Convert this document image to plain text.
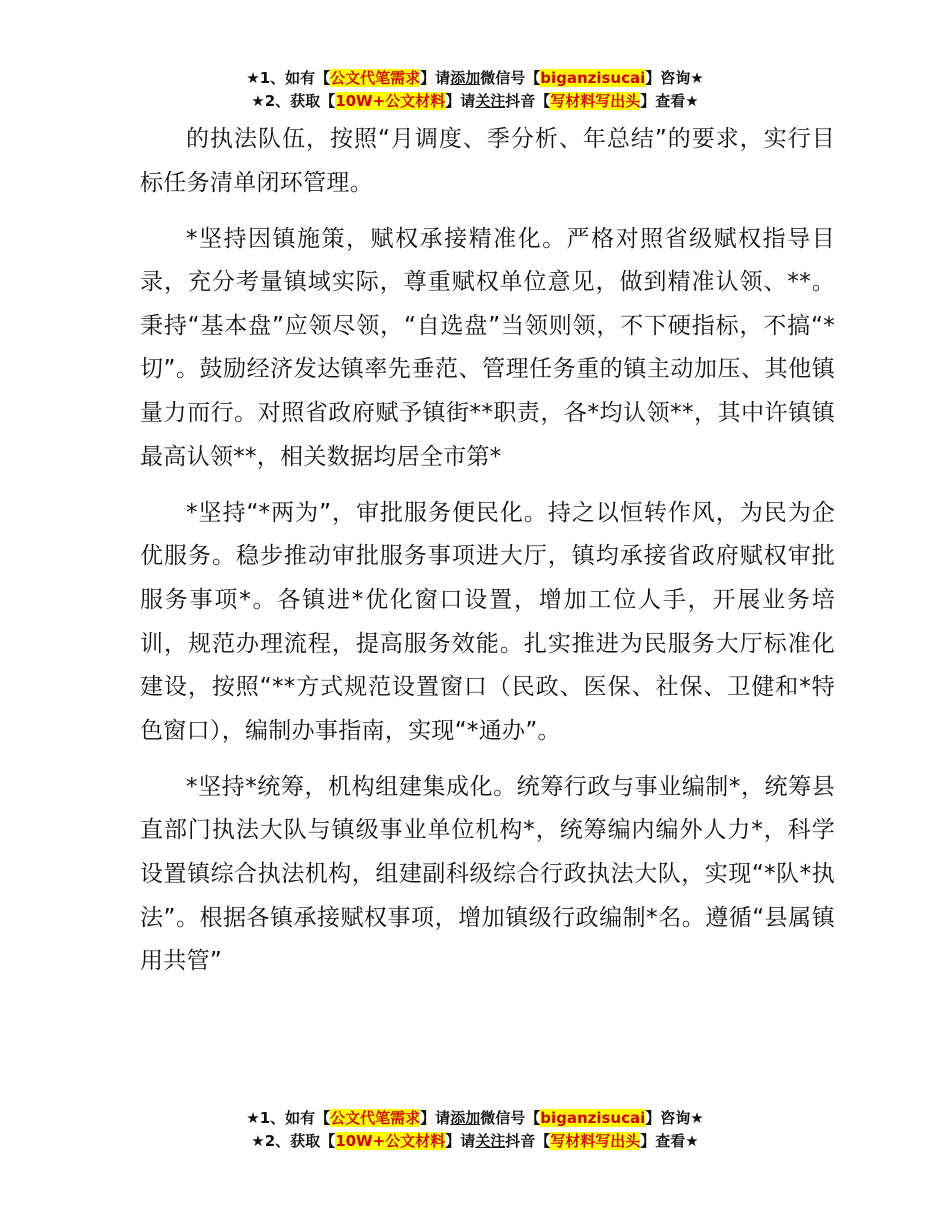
★1、如有【公文代笔需求】请添加微信号【biganzisucai】咨询★
★2、获取【10W+公文材料】请关注抖音【写材料写出头】查看★

的执法队伍，按照“月调度、季分析、年总结”的要求，实行目标任务清单闭环管理。

*坚持因镇施策，赋权承接精准化。严格对照省级赋权指导目录，充分考量镇域实际，尊重赋权单位意见，做到精准认领、**。秉持“基本盘”应领尽领，“自选盘”当领则领，不下硬指标，不搞“*切”。鼓励经济发达镇率先垂范、管理任务重的镇主动加压、其他镇量力而行。对照省政府赋予镇街**职责，各*均认领**，其中许镇镇最高认领**，相关数据均居全市第*

*坚持“*两为”，审批服务便民化。持之以恒转作风，为民为企优服务。稳步推动审批服务事项进大厅，镇均承接省政府赋权审批服务事项*。各镇进*优化窗口设置，增加工位人手，开展业务培训，规范办理流程，提高服务效能。扎实推进为民服务大厅标准化建设，按照“**方式规范设置窗口（民政、医保、社保、卫健和*特色窗口），编制办事指南，实现“*通办”。

*坚持*统筹，机构组建集成化。统筹行政与事业编制*，统筹县直部门执法大队与镇级事业单位机构*，统筹编内编外人力*，科学设置镇综合执法机构，组建副科级综合行政执法大队，实现“*队*执法”。根据各镇承接赋权事项，增加镇级行政编制*名。遵循“县属镇用共管”

★1、如有【公文代笔需求】请添加微信号【biganzisucai】咨询★
★2、获取【10W+公文材料】请关注抖音【写材料写出头】查看★
